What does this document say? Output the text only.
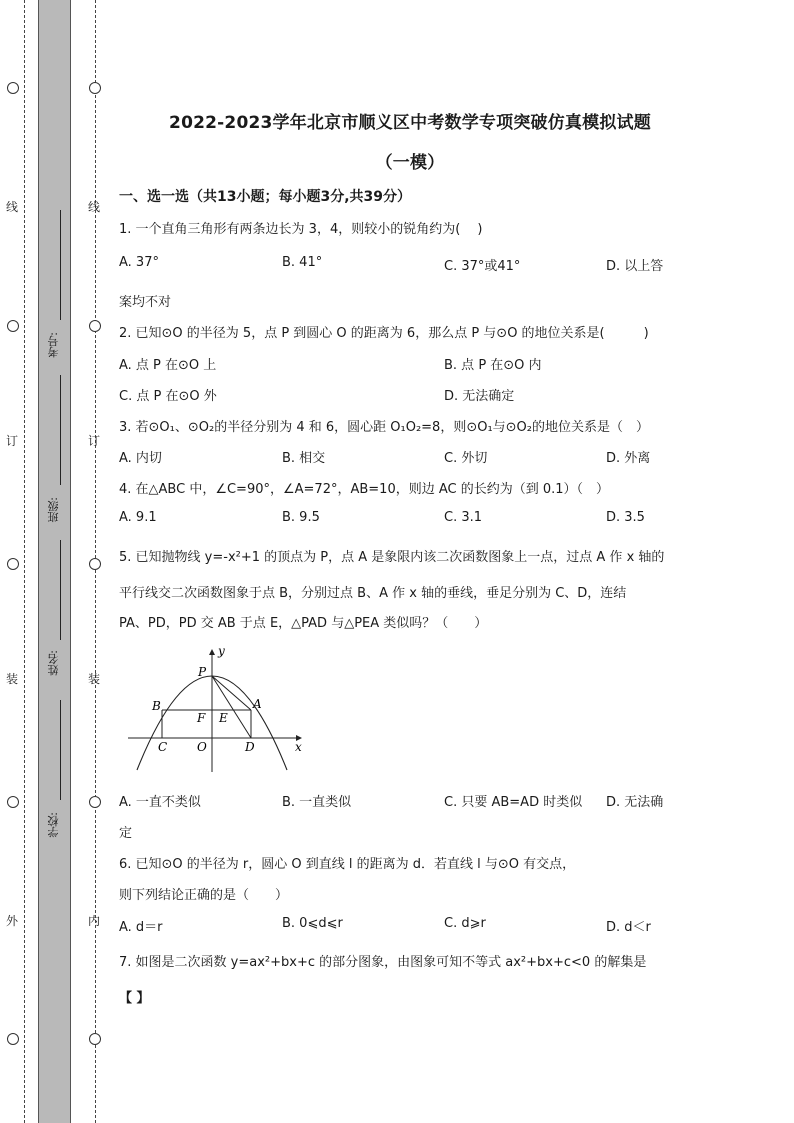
线
订
装
外
线
订
装
内
考号:
班级:
姓名:
学校:
2022-2023学年北京市顺义区中考数学专项突破仿真模拟试题
（一模）
一、选一选（共13小题；每小题3分,共39分）
1. 一个直角三角形有两条边长为 3，4，则较小的锐角约为(　 )
A. 37°	B. 41°	C. 37°或41°	D. 以上答
案均不对
2. 已知⊙O 的半径为 5，点 P 到圆心 O 的距离为 6，那么点 P 与⊙O 的地位关系是(　　　)
A. 点 P 在⊙O 上	B. 点 P 在⊙O 内
C. 点 P 在⊙O 外	D. 无法确定
3. 若⊙O₁、⊙O₂的半径分别为 4 和 6，圆心距 O₁O₂=8，则⊙O₁与⊙O₂的地位关系是（　）
A. 内切	B. 相交	C. 外切	D. 外离
4. 在△ABC 中，∠C=90°，∠A=72°，AB=10，则边 AC 的长约为（到 0.1）（　）
A. 9.1	B. 9.5	C. 3.1	D. 3.5
5. 已知抛物线 y=-x²+1 的顶点为 P，点 A 是象限内该二次函数图象上一点，过点 A 作 x 轴的
平行线交二次函数图象于点 B，分别过点 B、A 作 x 轴的垂线，垂足分别为 C、D，连结
PA、PD，PD 交 AB 于点 E，△PAD 与△PEA 类似吗？（　　）
y
x
P
B	A
F E
C O	D
A. 一直不类似	B. 一直类似	C. 只要 AB=AD 时类似 D. 无法确
定
6. 已知⊙O 的半径为 r，圆心 O 到直线 l 的距离为 d．若直线 l 与⊙O 有交点，
则下列结论正确的是（　　）
A. d＝r	B. 0⩽d⩽r	C. d⩾r	D. d＜r
7. 如图是二次函数 y=ax²+bx+c 的部分图象，由图象可知不等式 ax²+bx+c<0 的解集是
【 】
